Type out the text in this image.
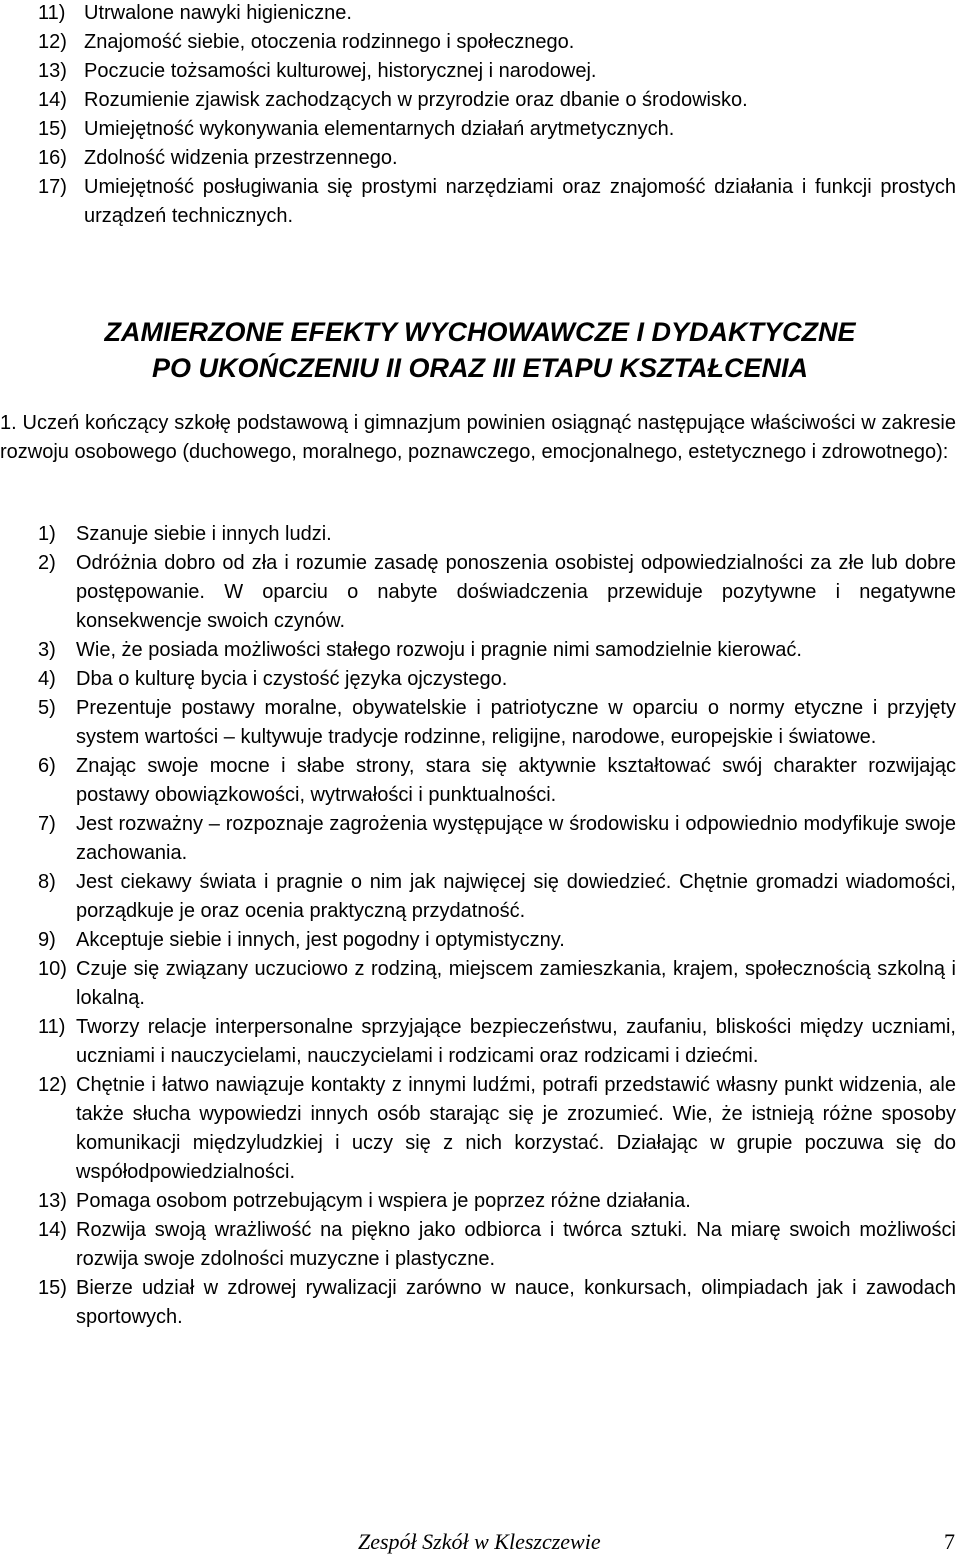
11) Utrwalone nawyki higieniczne.
12) Znajomość siebie, otoczenia rodzinnego i społecznego.
13) Poczucie tożsamości kulturowej, historycznej i narodowej.
14) Rozumienie zjawisk zachodzących w przyrodzie oraz dbanie o środowisko.
15) Umiejętność wykonywania elementarnych działań arytmetycznych.
16) Zdolność widzenia przestrzennego.
17) Umiejętność posługiwania się prostymi narzędziami oraz znajomość działania i funkcji prostych urządzeń technicznych.
ZAMIERZONE EFEKTY WYCHOWAWCZE I DYDAKTYCZNE
PO UKOŃCZENIU II ORAZ III ETAPU KSZTAŁCENIA
1. Uczeń kończący szkołę podstawową i gimnazjum powinien osiągnąć następujące właściwości w zakresie rozwoju osobowego (duchowego, moralnego, poznawczego, emocjonalnego, estetycznego i zdrowotnego):
1)	Szanuje siebie i innych ludzi.
2)	Odróżnia dobro od zła i rozumie zasadę ponoszenia osobistej odpowiedzialności za złe lub dobre postępowanie. W oparciu o nabyte doświadczenia przewiduje pozytywne i negatywne konsekwencje swoich czynów.
3)	Wie, że posiada możliwości stałego rozwoju i pragnie nimi samodzielnie kierować.
4)	Dba o kulturę bycia i czystość języka ojczystego.
5)	Prezentuje postawy moralne, obywatelskie i patriotyczne w oparciu o normy etyczne i przyjęty system wartości – kultywuje tradycje rodzinne, religijne, narodowe, europejskie i światowe.
6)	Znając swoje mocne i słabe strony, stara się aktywnie kształtować swój charakter rozwijając postawy obowiązkowości, wytrwałości i punktualności.
7)	Jest rozważny – rozpoznaje zagrożenia występujące w środowisku i odpowiednio modyfikuje swoje zachowania.
8)	Jest ciekawy świata i pragnie o nim jak najwięcej się dowiedzieć. Chętnie gromadzi wiadomości, porządkuje je oraz ocenia praktyczną przydatność.
9)	Akceptuje siebie i innych, jest pogodny i optymistyczny.
10) Czuje się związany uczuciowo z rodziną, miejscem zamieszkania, krajem, społecznością szkolną i lokalną.
11) Tworzy relacje interpersonalne sprzyjające bezpieczeństwu, zaufaniu, bliskości między uczniami, uczniami i nauczycielami, nauczycielami i rodzicami oraz rodzicami i dziećmi.
12) Chętnie i łatwo nawiązuje kontakty z innymi ludźmi, potrafi przedstawić własny punkt widzenia, ale także słucha wypowiedzi innych osób starając się je zrozumieć. Wie, że istnieją różne sposoby komunikacji międzyludzkiej i uczy się z nich korzystać. Działając w grupie poczuwa się do współodpowiedzialności.
13) Pomaga osobom potrzebującym i wspiera je poprzez różne działania.
14) Rozwija swoją wrażliwość na piękno jako odbiorca i twórca sztuki. Na miarę swoich możliwości rozwija swoje zdolności muzyczne i plastyczne.
15) Bierze udział w zdrowej rywalizacji zarówno w nauce, konkursach, olimpiadach jak i zawodach sportowych.
Zespół Szkół w Kleszczewie	7
